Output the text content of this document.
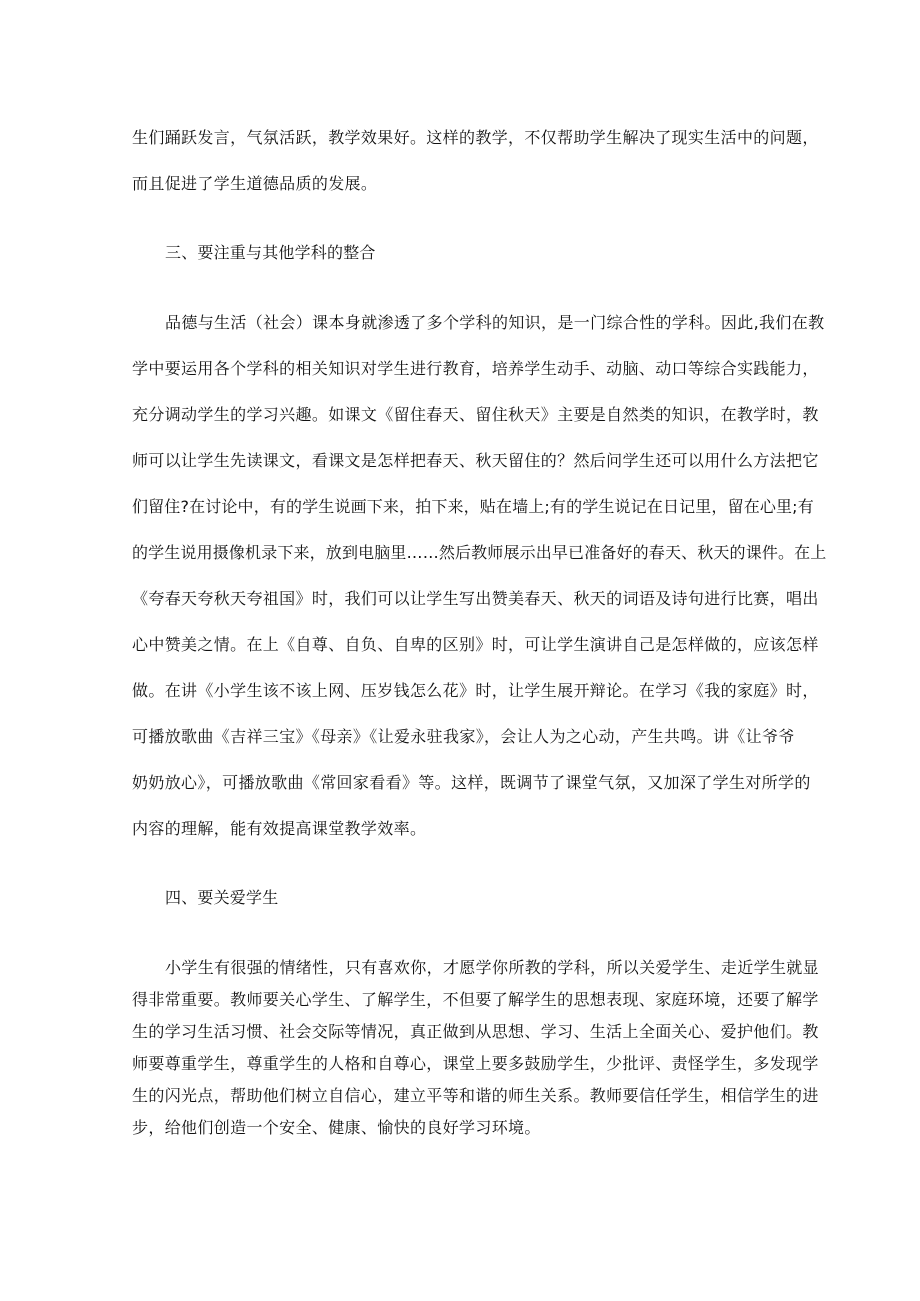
生们踊跃发言，气氛活跃，教学效果好。这样的教学，不仅帮助学生解决了现实生活中的问题，
而且促进了学生道德品质的发展。
三、要注重与其他学科的整合
品德与生活（社会）课本身就渗透了多个学科的知识，是一门综合性的学科。因此,我们在教
学中要运用各个学科的相关知识对学生进行教育，培养学生动手、动脑、动口等综合实践能力，
充分调动学生的学习兴趣。如课文《留住春天、留住秋天》主要是自然类的知识，在教学时，教
师可以让学生先读课文，看课文是怎样把春天、秋天留住的？然后问学生还可以用什么方法把它
们留住?在讨论中，有的学生说画下来，拍下来，贴在墙上;有的学生说记在日记里，留在心里;有
的学生说用摄像机录下来，放到电脑里……然后教师展示出早已准备好的春天、秋天的课件。在上
《夸春天夸秋天夸祖国》时，我们可以让学生写出赞美春天、秋天的词语及诗句进行比赛，唱出
心中赞美之情。在上《自尊、自负、自卑的区别》时，可让学生演讲自己是怎样做的，应该怎样
做。在讲《小学生该不该上网、压岁钱怎么花》时，让学生展开辩论。在学习《我的家庭》时，
可播放歌曲《吉祥三宝》《母亲》《让爱永驻我家》，会让人为之心动，产生共鸣。讲《让爷爷
奶奶放心》，可播放歌曲《常回家看看》等。这样，既调节了课堂气氛，又加深了学生对所学的
内容的理解，能有效提高课堂教学效率。
四、要关爱学生
小学生有很强的情绪性，只有喜欢你，才愿学你所教的学科，所以关爱学生、走近学生就显
得非常重要。教师要关心学生、了解学生，不但要了解学生的思想表现、家庭环境，还要了解学
生的学习生活习惯、社会交际等情况，真正做到从思想、学习、生活上全面关心、爱护他们。教
师要尊重学生，尊重学生的人格和自尊心，课堂上要多鼓励学生，少批评、责怪学生，多发现学
生的闪光点，帮助他们树立自信心，建立平等和谐的师生关系。教师要信任学生，相信学生的进
步，给他们创造一个安全、健康、愉快的良好学习环境。
